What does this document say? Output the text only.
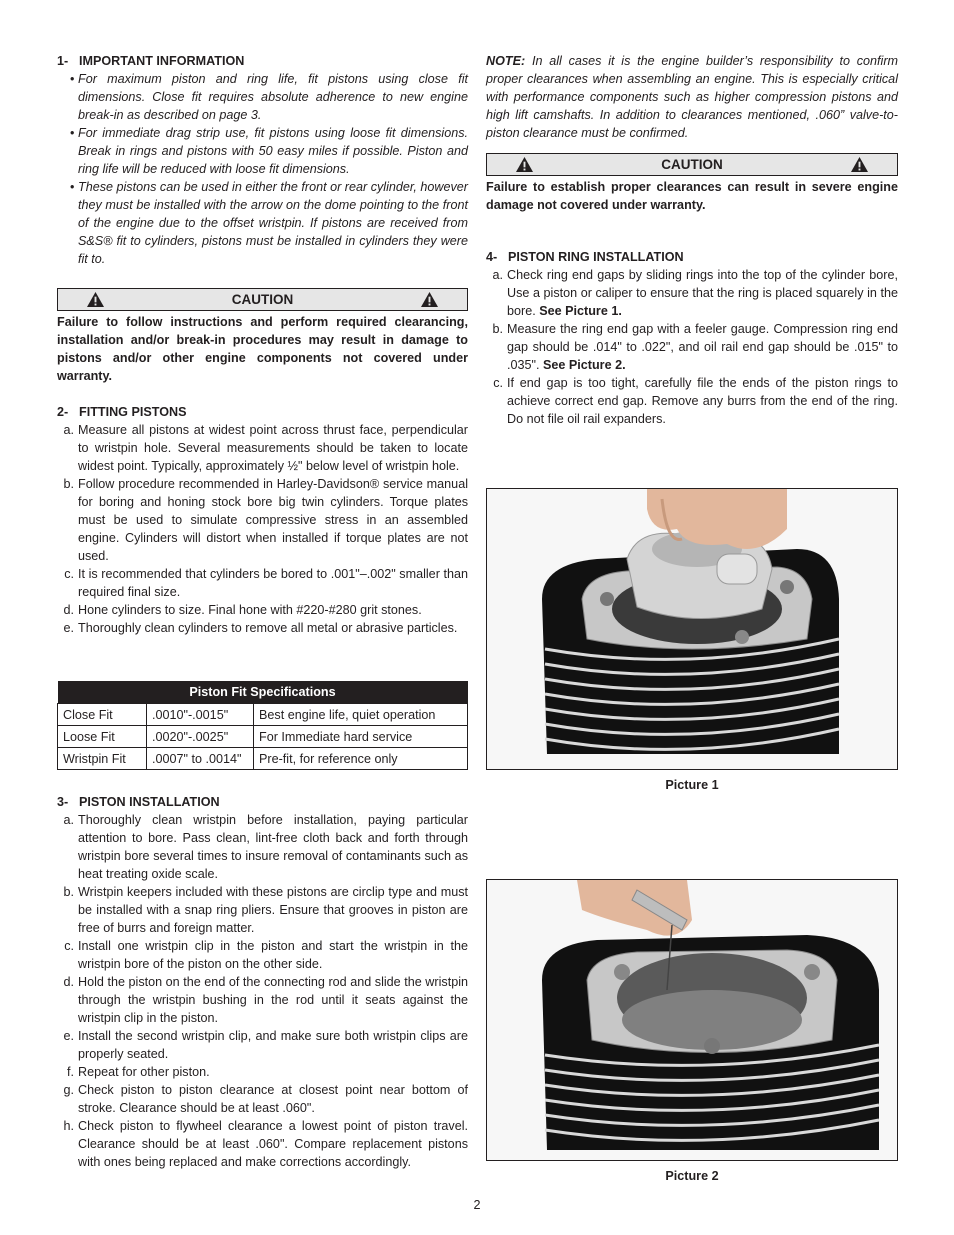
1- IMPORTANT INFORMATION

• For maximum piston and ring life, fit pistons using close fit dimensions. Close fit requires absolute adherence to new engine break-in as described on page 3.
• For immediate drag strip use, fit pistons using loose fit dimensions. Break in rings and pistons with 50 easy miles if possible. Piston and ring life will be reduced with loose fit dimensions.
• These pistons can be used in either the front or rear cylinder, however they must be installed with the arrow on the dome pointing to the front of the engine due to the offset wristpin. If pistons are received from S&S® fit to cylinders, pistons must be installed in cylinders they were fit to.
CAUTION

Failure to follow instructions and perform required clearancing, installation and/or break-in procedures may result in damage to pistons and/or other engine components not covered under warranty.

2- FITTING PISTONS

a. Measure all pistons at widest point across thrust face, perpendicular to wristpin hole. Several measurements should be taken to locate widest point. Typically, approximately ½" below level of wristpin hole.
b. Follow procedure recommended in Harley-Davidson® service manual for boring and honing stock bore big twin cylinders. Torque plates must be used to simulate compressive stress in an assembled engine. Cylinders will distort when installed if torque plates are not used.
c. It is recommended that cylinders be bored to .001"–.002" smaller than required final size.
d. Hone cylinders to size. Final hone with #220-#280 grit stones.
e. Thoroughly clean cylinders to remove all metal or abrasive particles.
Piston Fit Specifications		
Close Fit	.0010"-.0015"	Best engine life, quiet operation
Loose Fit	.0020"-.0025"	For Immediate hard service
Wristpin Fit	.0007" to .0014"	Pre-fit, for reference only

3- PISTON INSTALLATION

a. Thoroughly clean wristpin before installation, paying particular attention to bore. Pass clean, lint-free cloth back and forth through wristpin bore several times to insure removal of contaminants such as heat treating oxide scale.
b. Wristpin keepers included with these pistons are circlip type and must be installed with a snap ring pliers. Ensure that grooves in piston are free of burrs and foreign matter.
c. Install one wristpin clip in the piston and start the wristpin in the wristpin bore of the piston on the other side.
d. Hold the piston on the end of the connecting rod and slide the wristpin through the wristpin bushing in the rod until it seats against the wristpin clip in the piston.
e. Install the second wristpin clip, and make sure both wristpin clips are properly seated.
f. Repeat for other piston.
g. Check piston to piston clearance at closest point near bottom of stroke. Clearance should be at least .060".
h. Check piston to flywheel clearance a lowest point of piston travel. Clearance should be at least .060". Compare replacement pistons with ones being replaced and make corrections accordingly.

NOTE: In all cases it is the engine builder’s responsibility to confirm proper clearances when assembling an engine. This is especially critical with performance components such as higher compression pistons and high lift camshafts. In addition to clearances mentioned, .060” valve-to-piston clearance must be confirmed.

CAUTION

Failure to establish proper clearances can result in severe engine damage not covered under warranty.

4- PISTON RING INSTALLATION

a. Check ring end gaps by sliding rings into the top of the cylinder bore, Use a piston or caliper to ensure that the ring is placed squarely in the bore. See Picture 1.
b. Measure the ring end gap with a feeler gauge. Compression ring end gap should be .014" to .022", and oil rail end gap should be .015" to .035". See Picture 2.
c. If end gap is too tight, carefully file the ends of the piston rings to achieve correct end gap. Remove any burrs from the end of the ring. Do not file oil rail expanders.
Picture 1
Picture 2
2
